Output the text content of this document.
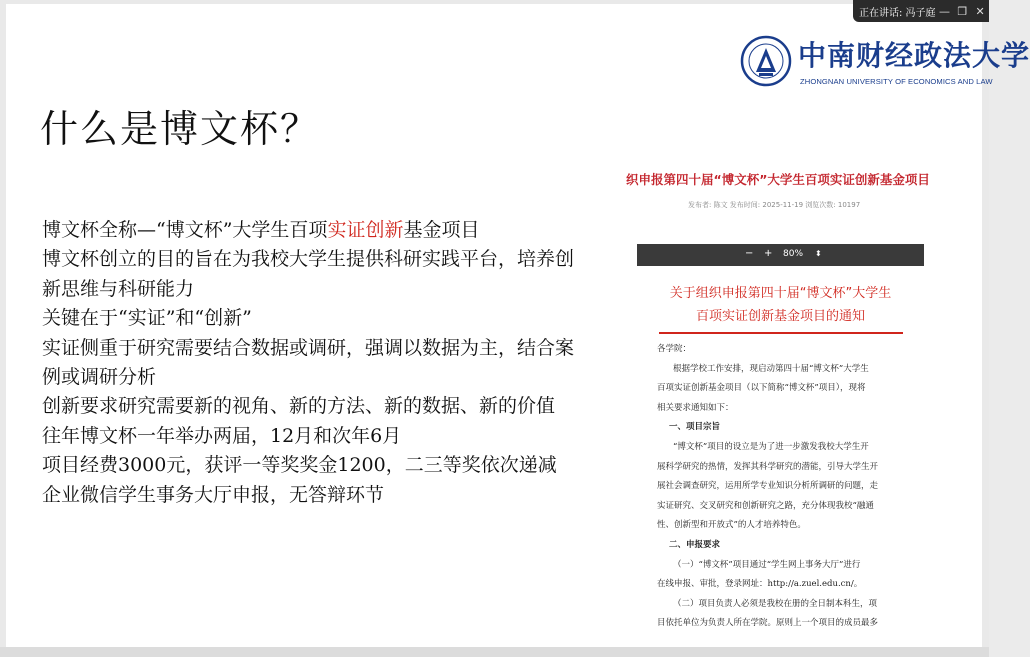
中南财经政法大学
ZHONGNAN UNIVERSITY OF ECONOMICS AND LAW
什么是博文杯？
博文杯全称—“博文杯”大学生百项实证创新基金项目
博文杯创立的目的旨在为我校大学生提供科研实践平台，培养创
新思维与科研能力
关键在于“实证”和“创新”
实证侧重于研究需要结合数据或调研，强调以数据为主，结合案
例或调研分析
创新要求研究需要新的视角、新的方法、新的数据、新的价值
往年博文杯一年举办两届，12月和次年6月
项目经费3000元，获评一等奖奖金1200，二三等奖依次递减
企业微信学生事务大厅申报，无答辩环节
织申报第四十届“博文杯”大学生百项实证创新基金项目
发布者: 陈文 发布时间: 2025-11-19 浏览次数: 10197
− + 80% ⬍
关于组织申报第四十届“博文杯”大学生
百项实证创新基金项目的通知
各学院：
根据学校工作安排，现启动第四十届“博文杯”大学生
百项实证创新基金项目（以下简称“博文杯”项目），现将
相关要求通知如下：
一、项目宗旨
“博文杯”项目的设立是为了进一步激发我校大学生开
展科学研究的热情，发挥其科学研究的潜能，引导大学生开
展社会调查研究，运用所学专业知识分析所调研的问题，走
实证研究、交叉研究和创新研究之路，充分体现我校“融通
性、创新型和开放式”的人才培养特色。
二、申报要求
（一）“博文杯”项目通过“学生网上事务大厅”进行
在线申报、审批，登录网址：http://a.zuel.edu.cn/。
（二）项目负责人必须是我校在册的全日制本科生，项
目依托单位为负责人所在学院。原则上一个项目的成员最多
正在讲话: 冯子庭 — ❐ ✕
